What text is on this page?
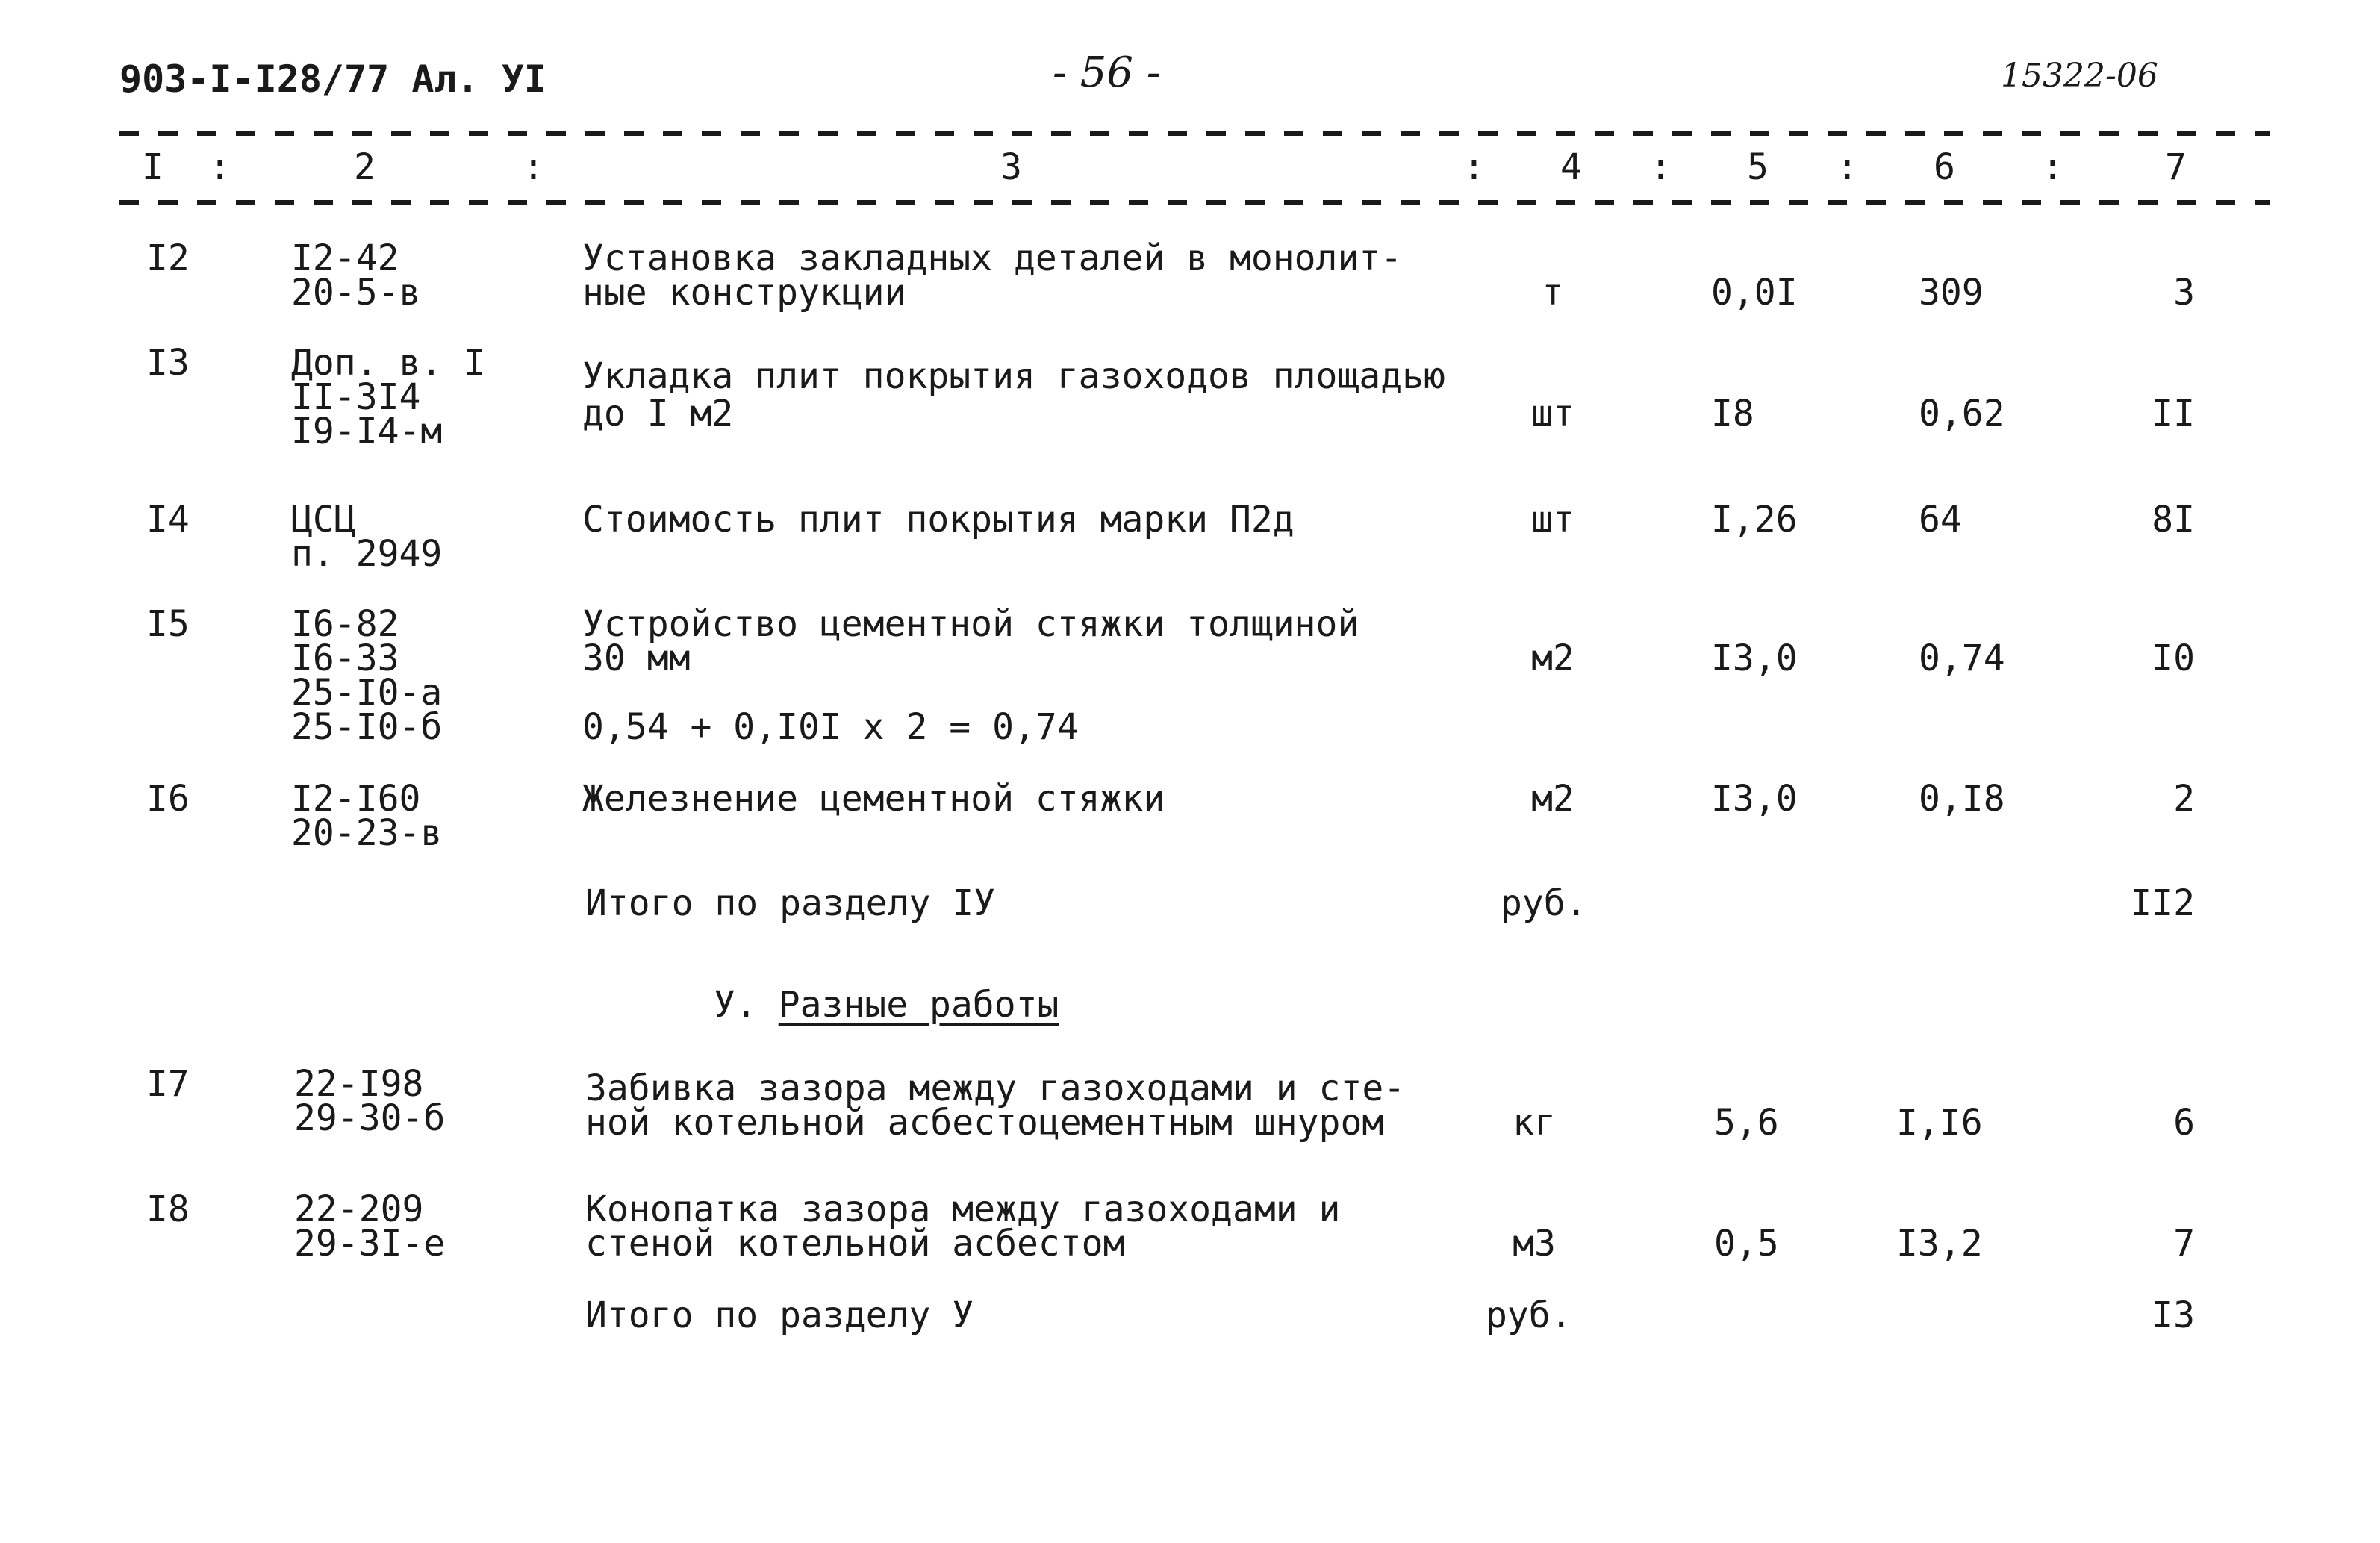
903-I-I28/77 Ал. УI	- 56 -	15322-06
I :	2	:	3	: 4 : 5 : 6 :	7
I2	I2-42
20-5-в
Установка закладных деталей в монолит-
ные конструкции	т	0,0I	309	3
I3	Доп. в. I
II-3I4
I9-I4-м
Укладка плит покрытия газоходов площадью
до I м2	шт	I8	0,62	II
I4	ЦСЦ
п. 2949
Стоимость плит покрытия марки П2д	шт	I,26	64	8I
I5	I6-82
I6-33
25-I0-а
25-I0-б
Устройство цементной стяжки толщиной
30 мм
0,54 + 0,I0I х 2 = 0,74
м2	I3,0	0,74	I0
I6	I2-I60
20-23-в
Железнение цементной стяжки	м2	I3,0	0,I8	2
Итого по разделу IУ	руб.	II2
У. Разные работы
I7	22-I98
29-30-б
Забивка зазора между газоходами и сте-
ной котельной асбестоцементным шнуром	кг	5,6	I,I6	6
I8	22-209
29-3I-е
Конопатка зазора между газоходами и
стеной котельной асбестом	м3	0,5	I3,2	7
Итого по разделу У	руб.	I3
